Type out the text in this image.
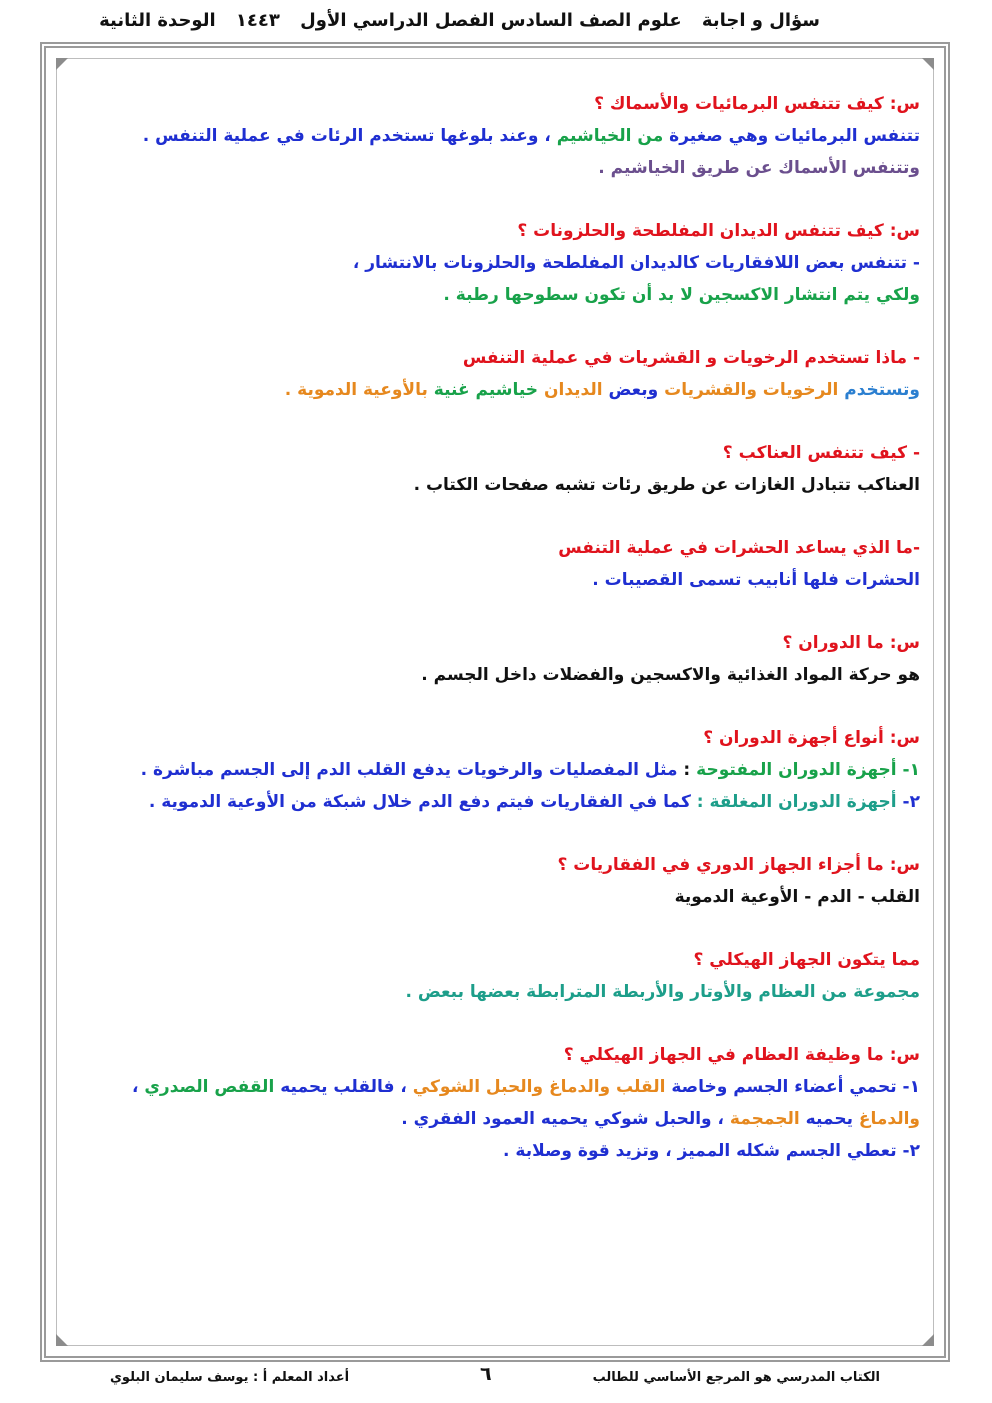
سؤال و اجابة علوم الصف السادس الفصل الدراسي الأول ١٤٤٣ الوحدة الثانية
س: كيف تتنفس البرمائيات والأسماك ؟
تتنفس البرمائيات وهي صغيرة من الخياشيم ، وعند بلوغها تستخدم الرئات في عملية التنفس .
وتتنفس الأسماك عن طريق الخياشيم .
س: كيف تتنفس الديدان المفلطحة والحلزونات ؟
- تتنفس بعض اللافقاريات كالديدان المفلطحة والحلزونات بالانتشار ،
ولكي يتم انتشار الاكسجين لا بد أن تكون سطوحها رطبة .
- ماذا تستخدم الرخويات و القشريات في عملية التنفس
وتستخدم الرخويات والقشريات وبعض الديدان خياشيم غنية بالأوعية الدموية .
- كيف تتنفس العناكب ؟
العناكب تتبادل الغازات عن طريق رئات تشبه صفحات الكتاب .
-ما الذي يساعد الحشرات في عملية التنفس
الحشرات فلها أنابيب تسمى القصيبات .
س: ما الدوران ؟
هو حركة المواد الغذائية والاكسجين والفضلات داخل الجسم .
س: أنواع أجهزة الدوران ؟
١- أجهزة الدوران المفتوحة : مثل المفصليات والرخويات يدفع القلب الدم إلى الجسم مباشرة .
٢- أجهزة الدوران المغلقة : كما في الفقاريات فيتم دفع الدم خلال شبكة من الأوعية الدموية .
س: ما أجزاء الجهاز الدوري في الفقاريات ؟
القلب - الدم - الأوعية الدموية
مما يتكون الجهاز الهيكلي ؟
مجموعة من العظام والأوتار والأربطة المترابطة بعضها ببعض .
س: ما وظيفة العظام في الجهاز الهيكلي ؟
١- تحمي أعضاء الجسم وخاصة القلب والدماغ والحبل الشوكي ، فالقلب يحميه القفص الصدري ،
والدماغ يحميه الجمجمة ، والحبل شوكي يحميه العمود الفقري .
٢- تعطي الجسم شكله المميز ، وتزيد قوة وصلابة .
الكتاب المدرسي هو المرجع الأساسي للطالب
٦
أعداد المعلم أ : يوسف سليمان البلوي
